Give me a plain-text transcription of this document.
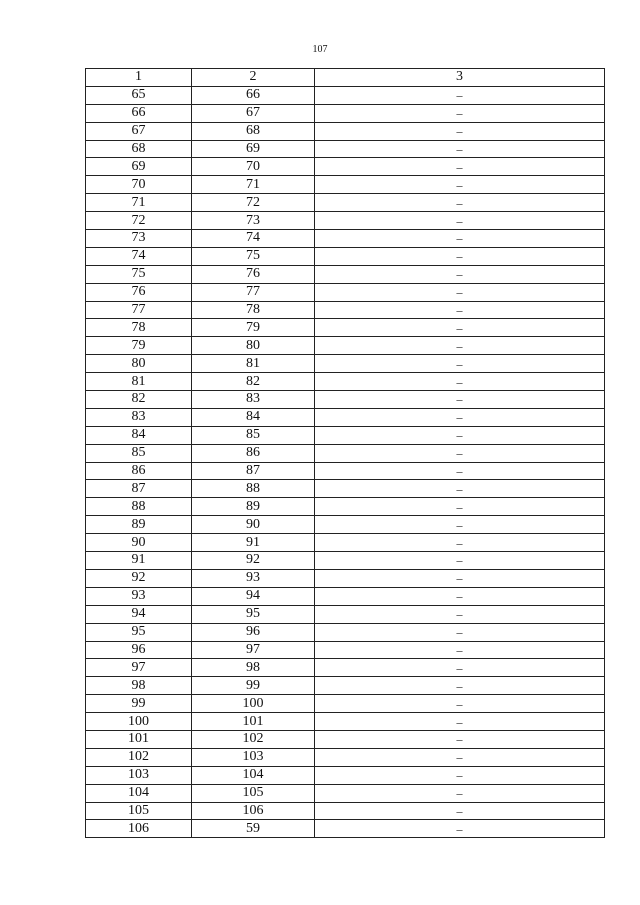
107
1	2	3
65	66	–
66	67	–
67	68	–
68	69	–
69	70	–
70	71	–
71	72	–
72	73	–
73	74	–
74	75	–
75	76	–
76	77	–
77	78	–
78	79	–
79	80	–
80	81	–
81	82	–
82	83	–
83	84	–
84	85	–
85	86	–
86	87	–
87	88	–
88	89	–
89	90	–
90	91	–
91	92	–
92	93	–
93	94	–
94	95	–
95	96	–
96	97	–
97	98	–
98	99	–
99	100	–
100	101	–
101	102	–
102	103	–
103	104	–
104	105	–
105	106	–
106	59	–
